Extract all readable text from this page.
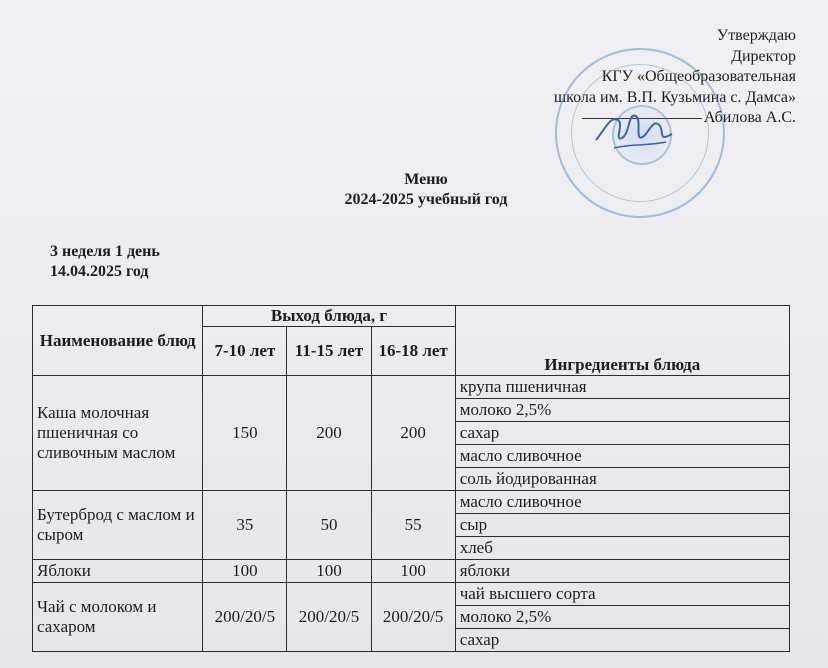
Утверждаю
Директор
КГУ «Общеобразовательная
школа им. В.П. Кузьмина с. Дамса»
Абилова А.С.
Меню
2024-2025 учебный год
3 неделя 1 день
14.04.2025 год
Наименование блюд	Выход блюда, г			Ингредиенты блюда
	7-10 лет	11-15 лет	16-18 лет	
Каша молочная пшеничная со сливочным маслом	150	200	200	крупа пшеничная
				молоко 2,5%
				сахар
				масло сливочное
				соль йодированная
Бутерброд с маслом и сыром	35	50	55	масло сливочное
				сыр
				хлеб
Яблоки	100	100	100	яблоки
Чай с молоком и сахаром	200/20/5	200/20/5	200/20/5	чай высшего сорта
				молоко 2,5%
				сахар
